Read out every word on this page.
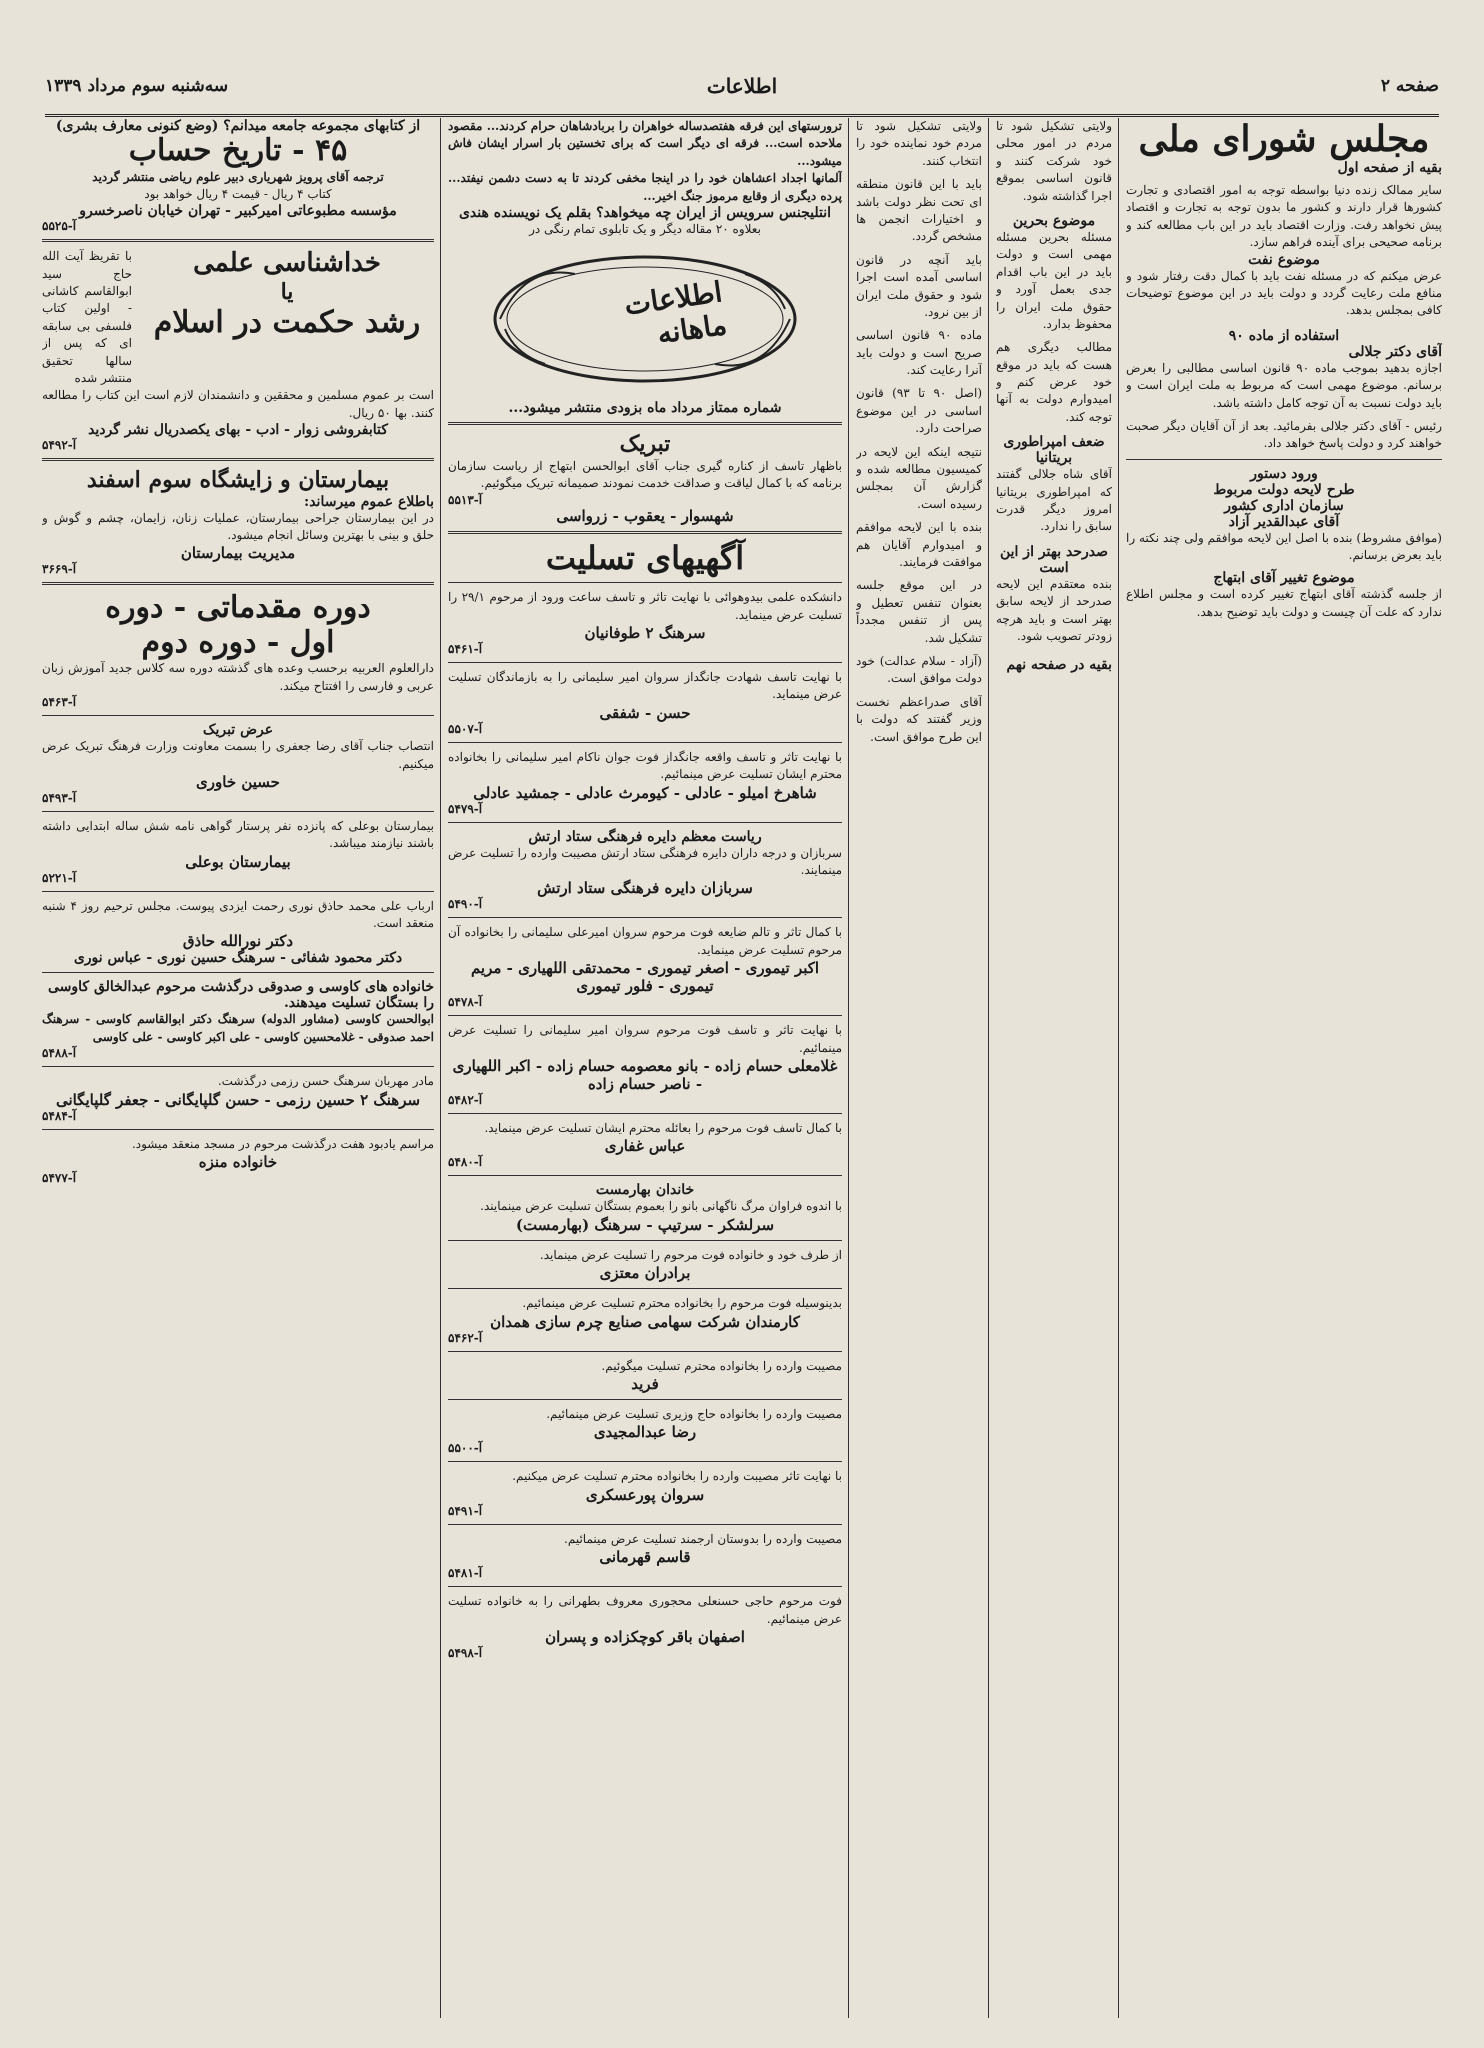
صفحه ۲
اطلاعات
سه‌شنبه سوم مرداد ۱۳۳۹
مجلس شورای ملی
بقیه از صفحه اول
سایر ممالک زنده دنیا بواسطه توجه به امور اقتصادی و تجارت کشورها قرار دارند و کشور ما بدون توجه به تجارت و اقتصاد پیش نخواهد رفت. وزارت اقتصاد باید در این باب مطالعه کند و برنامه صحیحی برای آینده فراهم سازد.
موضوع نفت
عرض میکنم که در مسئله نفت باید با کمال دقت رفتار شود و منافع ملت رعایت گردد و دولت باید در این موضوع توضیحات کافی بمجلس بدهد.
استفاده از ماده ۹۰
آقای دکتر جلالی
اجازه بدهید بموجب ماده ۹۰ قانون اساسی مطالبی را بعرض برسانم. موضوع مهمی است که مربوط به ملت ایران است و باید دولت نسبت به آن توجه کامل داشته باشد.
رئیس - آقای دکتر جلالی بفرمائید. بعد از آن آقایان دیگر صحبت خواهند کرد و دولت پاسخ خواهد داد.
ورود دستور
طرح لایحه دولت مربوط
سازمان اداری کشور
آقای عبدالقدیر آزاد
(موافق مشروط) بنده با اصل این لایحه موافقم ولی چند نکته را باید بعرض برسانم.
موضوع تغییر آقای ابتهاج
از جلسه گذشته آقای ابتهاج تغییر کرده است و مجلس اطلاع ندارد که علت آن چیست و دولت باید توضیح بدهد.
ولایتی تشکیل شود تا مردم در امور محلی خود شرکت کنند و قانون اساسی بموقع اجرا گذاشته شود.
موضوع بحرین
مسئله بحرین مسئله مهمی است و دولت باید در این باب اقدام جدی بعمل آورد و حقوق ملت ایران را محفوظ بدارد.
مطالب دیگری هم هست که باید در موقع خود عرض کنم و امیدوارم دولت به آنها توجه کند.
ضعف امپراطوری بریتانیا
آقای شاه جلالی گفتند که امپراطوری بریتانیا امروز دیگر قدرت سابق را ندارد.
صدرحد بهتر از این است
بنده معتقدم این لایحه صدرحد از لایحه سابق بهتر است و باید هرچه زودتر تصویب شود.
بقیه در صفحه نهم
ولایتی تشکیل شود تا مردم خود نماینده خود را انتخاب کنند.
باید با این قانون منطقه ای تحت نظر دولت باشد و اختیارات انجمن ها مشخص گردد.
باید آنچه در قانون اساسی آمده است اجرا شود و حقوق ملت ایران از بین نرود.
ماده ۹۰ قانون اساسی صریح است و دولت باید آنرا رعایت کند.
(اصل ۹۰ تا ۹۳) قانون اساسی در این موضوع صراحت دارد.
نتیجه اینکه این لایحه در کمیسیون مطالعه شده و گزارش آن بمجلس رسیده است.
بنده با این لایحه موافقم و امیدوارم آقایان هم موافقت فرمایند.
در این موقع جلسه بعنوان تنفس تعطیل و پس از تنفس مجدداً تشکیل شد.
(آزاد - سلام عدالت) خود دولت موافق است.
آقای صدراعظم نخست وزیر گفتند که دولت با این طرح موافق است.
ترورستهای این فرقه هفتصدساله خواهران را بربادشاهان حرام کردند... مقصود ملاحده است... فرقه ای دیگر است که برای تخستین بار اسرار ایشان فاش میشود...
آلمانها اجداد اعشاهان خود را در اینجا مخفی کردند تا به دست دشمن نیفتد... پرده دیگری از وقایع مرموز جنگ اخیر...
انتلیجنس سرویس از ایران چه میخواهد؟ بقلم یک نویسنده هندی
بعلاوه ۲۰ مقاله دیگر و یک تابلوی تمام رنگی در
اطلاعات ماهانه
شماره ممتاز مرداد ماه بزودی منتشر میشود...
تبریک
باظهار تاسف از کناره گیری جناب آقای ابوالحسن ابتهاج از ریاست سازمان برنامه که با کمال لیاقت و صداقت خدمت نمودند صمیمانه تبریک میگوئیم.
آ-۵۵۱۳
شهسوار - یعقوب - زرواسی
آگهیهای تسلیت
دانشکده علمی بیدوهوائی با نهایت تاثر و تاسف ساعت ورود از مرحوم ۲۹/۱ را تسلیت عرض مینماید.
سرهنگ ۲ طوفانیان
آ-۵۴۶۱
با نهایت تاسف شهادت جانگداز سروان امیر سلیمانی را به بازماندگان تسلیت عرض مینماید.
حسن - شفقی
آ-۵۵۰۷
با نهایت تاثر و تاسف واقعه جانگداز فوت جوان ناکام امیر سلیمانی را بخانواده محترم ایشان تسلیت عرض مینمائیم.
شاهرخ امیلو - عادلی - کیومرث عادلی - جمشید عادلی
آ-۵۴۷۹
ریاست معظم دایره فرهنگی ستاد ارتش
سربازان و درجه داران دایره فرهنگی ستاد ارتش مصیبت وارده را تسلیت عرض مینمایند.
سربازان دایره فرهنگی ستاد ارتش
آ-۵۴۹۰
با کمال تاثر و تالم ضایعه فوت مرحوم سروان امیرعلی سلیمانی را بخانواده آن مرحوم تسلیت عرض مینماید.
اکبر تیموری - اصغر تیموری - محمدتقی اللهیاری - مریم تیموری - فلور تیموری
آ-۵۴۷۸
با نهایت تاثر و تاسف فوت مرحوم سروان امیر سلیمانی را تسلیت عرض مینمائیم.
غلامعلی حسام زاده - بانو معصومه حسام زاده - اکبر اللهیاری - ناصر حسام زاده
آ-۵۴۸۲
با کمال تاسف فوت مرحوم را بعائله محترم ایشان تسلیت عرض مینماید.
عباس غفاری
آ-۵۴۸۰
خاندان بهارمست
با اندوه فراوان مرگ ناگهانی بانو را بعموم بستگان تسلیت عرض مینمایند.
سرلشکر - سرتیپ - سرهنگ (بهارمست)
از طرف خود و خانواده فوت مرحوم را تسلیت عرض مینماید.
برادران معتزی
بدینوسیله فوت مرحوم را بخانواده محترم تسلیت عرض مینمائیم.
کارمندان شرکت سهامی صنایع چرم سازی همدان
آ-۵۴۶۲
مصیبت وارده را بخانواده محترم تسلیت میگوئیم.
فرید
مصیبت وارده را بخانواده حاج وزیری تسلیت عرض مینمائیم.
رضا عبدالمجیدی
آ-۵۵۰۰
با نهایت تاثر مصیبت وارده را بخانواده محترم تسلیت عرض میکنیم.
سروان پورعسکری
آ-۵۴۹۱
مصیبت وارده را بدوستان ارجمند تسلیت عرض مینمائیم.
قاسم قهرمانی
آ-۵۴۸۱
فوت مرحوم حاجی حسنعلی محجوری معروف بطهرانی را به خانواده تسلیت عرض مینمائیم.
اصفهان باقر کوچکزاده و پسران
آ-۵۴۹۸
از کتابهای مجموعه جامعه میدانم؟ (وضع کنونی معارف بشری)
۴۵ - تاریخ حساب
ترجمه آقای پرویز شهریاری دبیر علوم ریاضی منتشر گردید
کتاب ۴ ریال - قیمت ۴ ریال خواهد بود
مؤسسه مطبوعاتی امیرکبیر - تهران خیابان ناصرخسرو
آ-۵۵۲۵
خداشناسی علمی
یا
رشد حکمت در اسلام
با تقریظ آیت الله حاج سید ابوالقاسم کاشانی - اولین کتاب فلسفی بی سابقه ای که پس از سالها تحقیق منتشر شده
است بر عموم مسلمین و محققین و دانشمندان لازم است این کتاب را مطالعه کنند. بها ۵۰ ریال.
کتابفروشی زوار - ادب - بهای یکصدریال نشر گردید
آ-۵۴۹۲
بیمارستان و زایشگاه سوم اسفند
باطلاع عموم میرساند:
در این بیمارستان جراحی بیمارستان، عملیات زنان، زایمان، چشم و گوش و حلق و بینی با بهترین وسائل انجام میشود.
مدیریت بیمارستان
آ-۳۶۶۹
دوره مقدماتی - دوره
اول - دوره دوم
دارالعلوم العربیه برحسب وعده های گذشته دوره سه کلاس جدید آموزش زبان عربی و فارسی را افتتاح میکند.
آ-۵۴۶۳
عرض تبریک
انتصاب جناب آقای رضا جعفری را بسمت معاونت وزارت فرهنگ تبریک عرض میکنیم.
حسین خاوری
آ-۵۴۹۳
بیمارستان بوعلی که پانزده نفر پرستار گواهی نامه شش ساله ابتدایی داشته باشند نیازمند میباشد.
بیمارستان بوعلی
آ-۵۲۲۱
ارباب علی محمد حاذق نوری رحمت ایزدی پیوست. مجلس ترحیم روز ۴ شنبه منعقد است.
دکتر نورالله حاذق
دکتر محمود شفائی - سرهنگ حسین نوری - عباس نوری
خانواده های کاوسی و صدوقی درگذشت مرحوم عبدالخالق کاوسی را بستگان تسلیت میدهند.
ابوالحسن کاوسی (مشاور الدوله) سرهنگ دکتر ابوالقاسم کاوسی - سرهنگ احمد صدوقی - غلامحسین کاوسی - علی اکبر کاوسی - علی کاوسی
آ-۵۴۸۸
مادر مهربان سرهنگ حسن رزمی درگذشت.
سرهنگ ۲ حسین رزمی - حسن گلپایگانی - جعفر گلپایگانی
آ-۵۴۸۴
مراسم یادبود هفت درگذشت مرحوم در مسجد منعقد میشود.
خانواده منزه
آ-۵۴۷۷
